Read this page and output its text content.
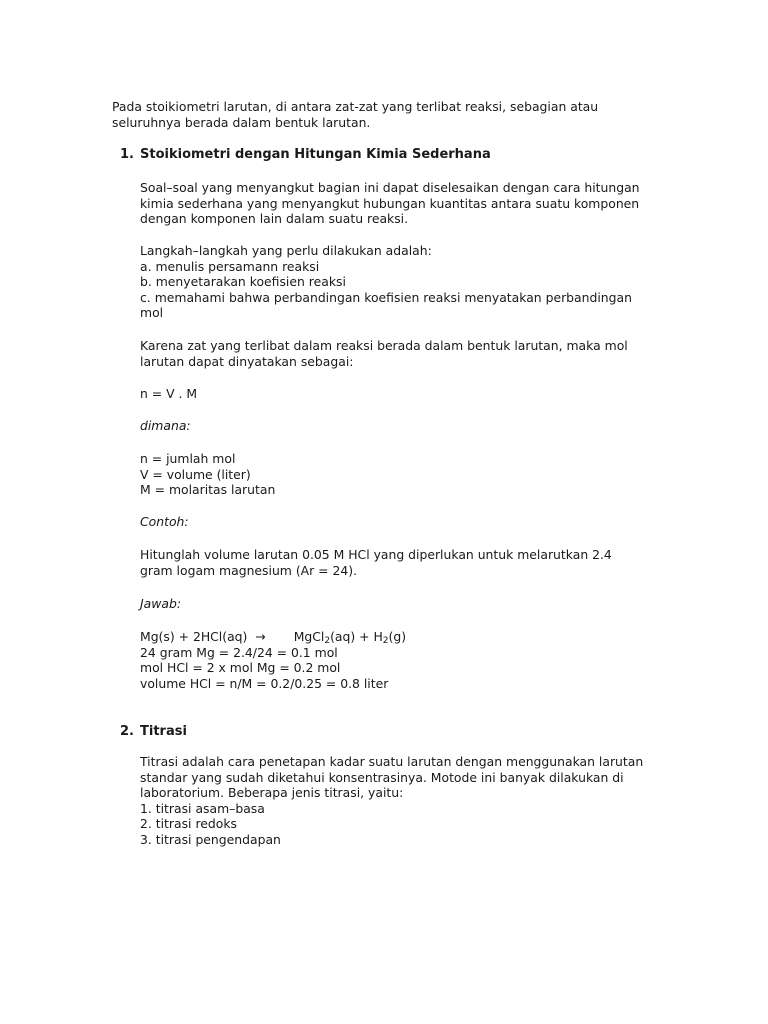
Pada stoikiometri larutan, di antara zat-zat yang terlibat reaksi, sebagian atau
seluruhnya berada dalam bentuk larutan.

1. Stoikiometri dengan Hitungan Kimia Sederhana

Soal–soal yang menyangkut bagian ini dapat diselesaikan dengan cara hitungan
kimia sederhana yang menyangkut hubungan kuantitas antara suatu komponen
dengan komponen lain dalam suatu reaksi.

Langkah–langkah yang perlu dilakukan adalah:
a. menulis persamann reaksi
b. menyetarakan koefisien reaksi
c. memahami bahwa perbandingan koefisien reaksi menyatakan perbandingan
mol

Karena zat yang terlibat dalam reaksi berada dalam bentuk larutan, maka mol
larutan dapat dinyatakan sebagai:

n = V . M

dimana:

n = jumlah mol
V = volume (liter)
M = molaritas larutan

Contoh:

Hitunglah volume larutan 0.05 M HCl yang diperlukan untuk melarutkan 2.4
gram logam magnesium (Ar = 24).

Jawab:

Mg(s) + 2HCl(aq) → MgCl$_2$(aq) + $H_2(g)$
24 gram Mg = 2.4/24 = 0.1 mol
mol HCl = 2 x mol Mg = 0.2 mol
volume HCl = n/M = 0.2/0.25 = 0.8 liter

2. Titrasi

Titrasi adalah cara penetapan kadar suatu larutan dengan menggunakan larutan
standar yang sudah diketahui konsentrasinya. Motode ini banyak dilakukan di
laboratorium. Beberapa jenis titrasi, yaitu:
1. titrasi asam–basa
2. titrasi redoks
3. titrasi pengendapan
